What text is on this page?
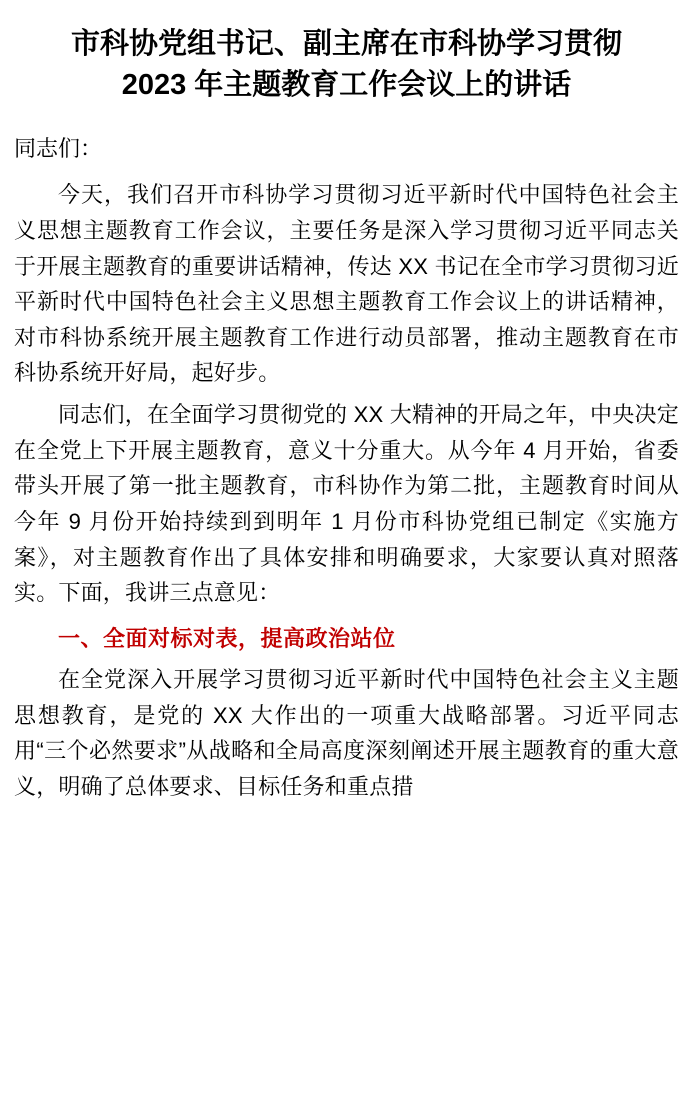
市科协党组书记、副主席在市科协学习贯彻
2023 年主题教育工作会议上的讲话

同志们：

今天，我们召开市科协学习贯彻习近平新时代中国特色社会主义思想主题教育工作会议，主要任务是深入学习贯彻习近平同志关于开展主题教育的重要讲话精神，传达 XX 书记在全市学习贯彻习近平新时代中国特色社会主义思想主题教育工作会议上的讲话精神，对市科协系统开展主题教育工作进行动员部署，推动主题教育在市科协系统开好局，起好步。

同志们，在全面学习贯彻党的 XX 大精神的开局之年，中央决定在全党上下开展主题教育，意义十分重大。从今年 4 月开始，省委带头开展了第一批主题教育，市科协作为第二批，主题教育时间从今年 9 月份开始持续到到明年 1 月份市科协党组已制定《实施方案》，对主题教育作出了具体安排和明确要求，大家要认真对照落实。下面，我讲三点意见：

一、全面对标对表，提高政治站位

在全党深入开展学习贯彻习近平新时代中国特色社会主义主题思想教育，是党的 XX 大作出的一项重大战略部署。习近平同志用“三个必然要求”从战略和全局高度深刻阐述开展主题教育的重大意义，明确了总体要求、目标任务和重点措
